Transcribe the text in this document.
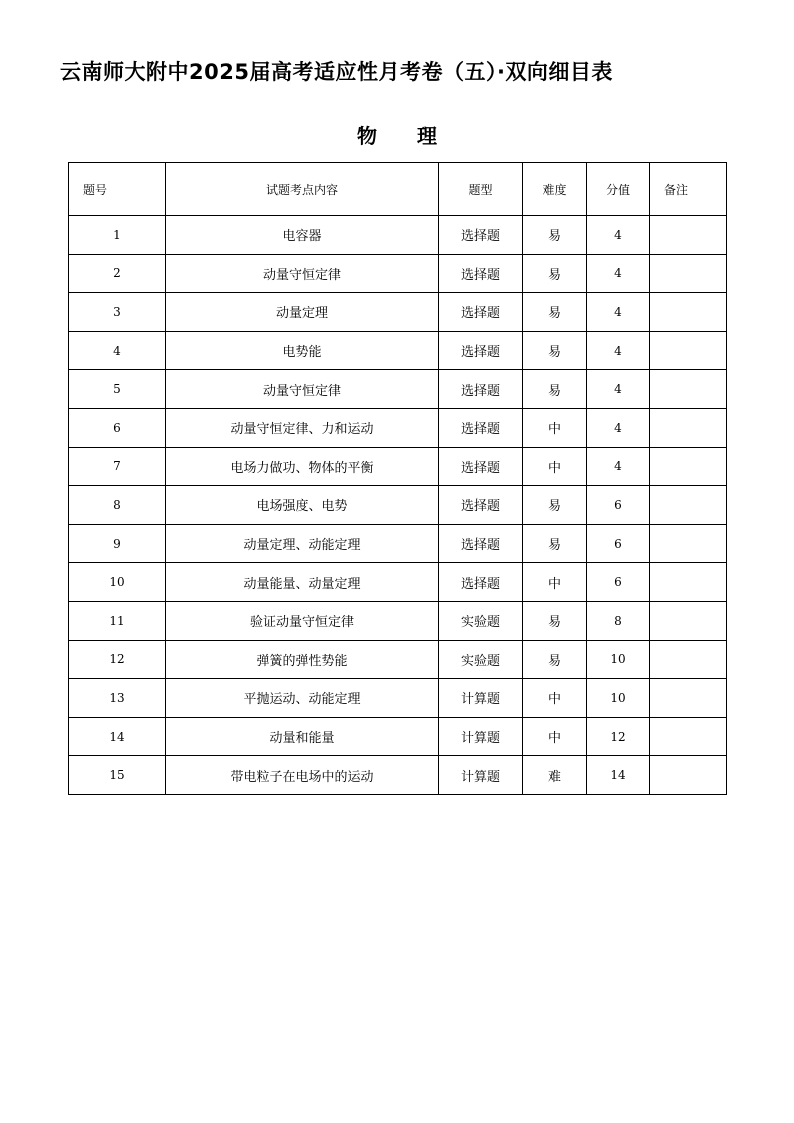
云南师大附中2025届高考适应性月考卷（五）·双向细目表
物 理
题号	试题考点内容	题型	难度	分值	备注
1	电容器	选择题	易	4	
2	动量守恒定律	选择题	易	4	
3	动量定理	选择题	易	4	
4	电势能	选择题	易	4	
5	动量守恒定律	选择题	易	4	
6	动量守恒定律、力和运动	选择题	中	4	
7	电场力做功、物体的平衡	选择题	中	4	
8	电场强度、电势	选择题	易	6	
9	动量定理、动能定理	选择题	易	6	
10	动量能量、动量定理	选择题	中	6	
11	验证动量守恒定律	实验题	易	8	
12	弹簧的弹性势能	实验题	易	10	
13	平抛运动、动能定理	计算题	中	10	
14	动量和能量	计算题	中	12	
15	带电粒子在电场中的运动	计算题	难	14	
